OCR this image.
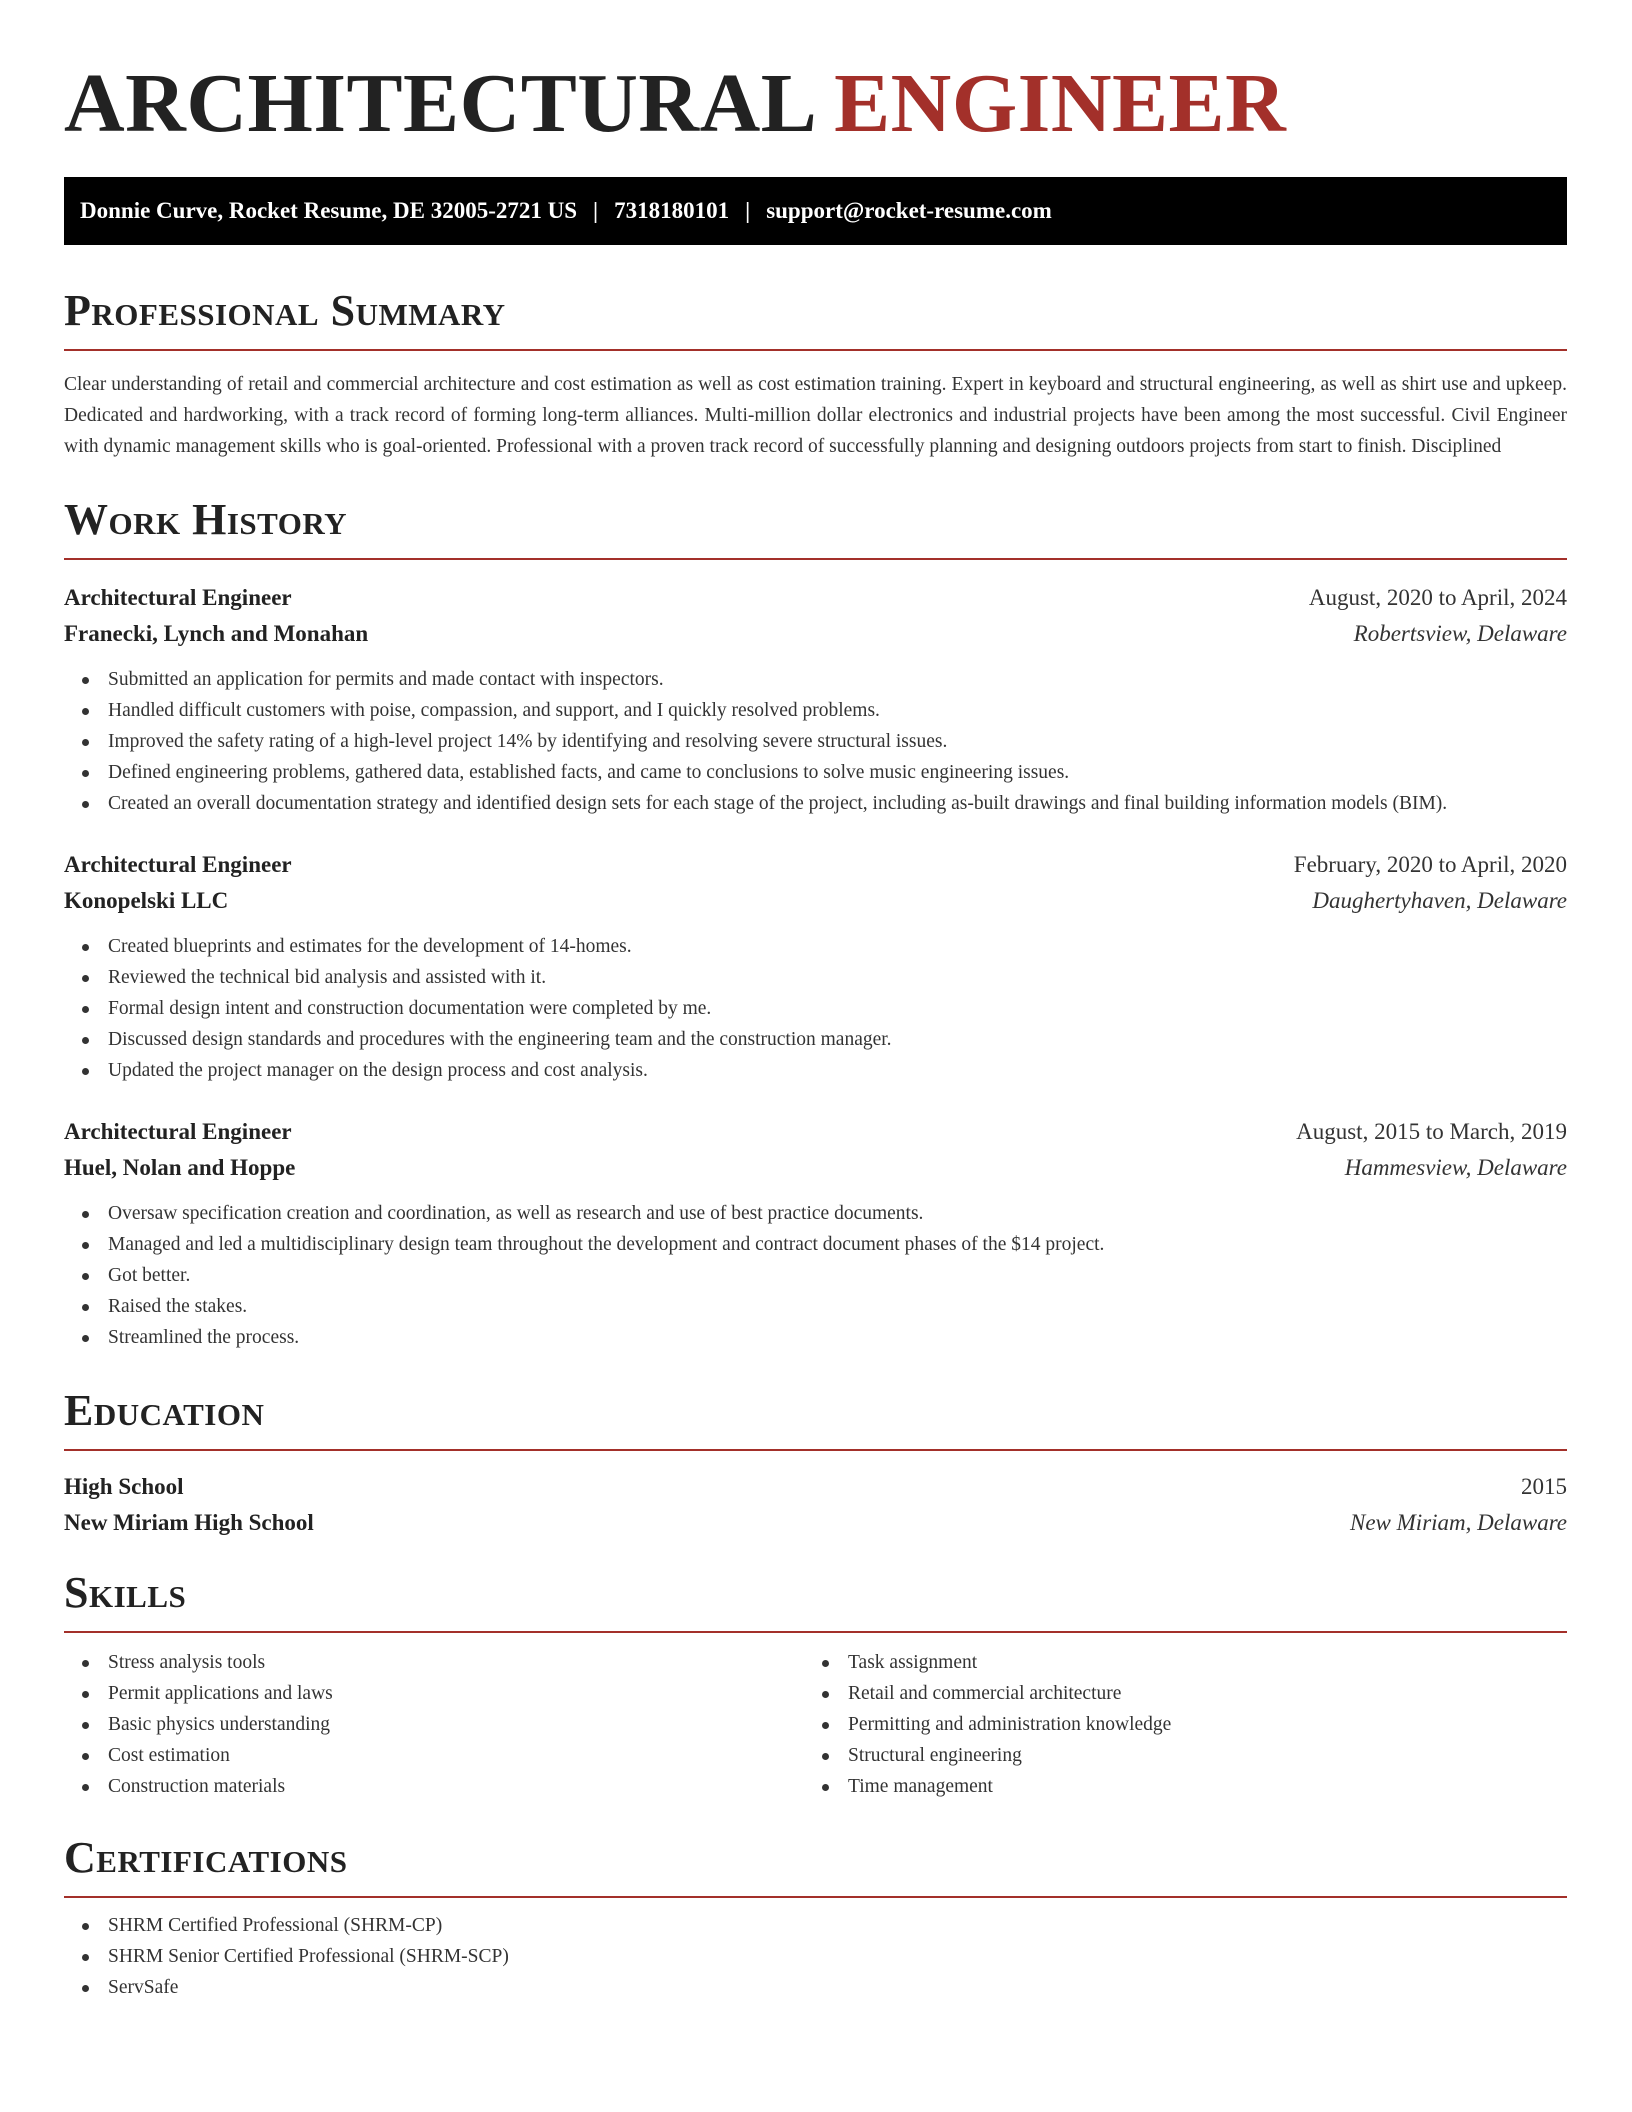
ARCHITECTURAL ENGINEER
Donnie Curve, Rocket Resume, DE 32005-2721 US | 7318180101 | support@rocket-resume.com
Professional Summary

Clear understanding of retail and commercial architecture and cost estimation as well as cost estimation training. Expert in keyboard and structural engineering, as well as shirt use and upkeep. Dedicated and hardworking, with a track record of forming long-term alliances. Multi-million dollar electronics and industrial projects have been among the most successful. Civil Engineer with dynamic management skills who is goal-oriented. Professional with a proven track record of successfully planning and designing outdoors projects from start to finish. Disciplined

Work History
Architectural Engineer	August, 2020 to April, 2024
Franecki, Lynch and Monahan	Robertsview, Delaware
Submitted an application for permits and made contact with inspectors.
Handled difficult customers with poise, compassion, and support, and I quickly resolved problems.
Improved the safety rating of a high-level project 14% by identifying and resolving severe structural issues.
Defined engineering problems, gathered data, established facts, and came to conclusions to solve music engineering issues.
Created an overall documentation strategy and identified design sets for each stage of the project, including as-built drawings and final building information models (BIM).
Architectural Engineer	February, 2020 to April, 2020
Konopelski LLC	Daughertyhaven, Delaware
Created blueprints and estimates for the development of 14-homes.
Reviewed the technical bid analysis and assisted with it.
Formal design intent and construction documentation were completed by me.
Discussed design standards and procedures with the engineering team and the construction manager.
Updated the project manager on the design process and cost analysis.
Architectural Engineer	August, 2015 to March, 2019
Huel, Nolan and Hoppe	Hammesview, Delaware
Oversaw specification creation and coordination, as well as research and use of best practice documents.
Managed and led a multidisciplinary design team throughout the development and contract document phases of the $14 project.
Got better.
Raised the stakes.
Streamlined the process.
Education
High School	2015
New Miriam High School	New Miriam, Delaware
Skills
Stress analysis tools
Permit applications and laws
Basic physics understanding
Cost estimation
Construction materials
Task assignment
Retail and commercial architecture
Permitting and administration knowledge
Structural engineering
Time management
Certifications
SHRM Certified Professional (SHRM-CP)
SHRM Senior Certified Professional (SHRM-SCP)
ServSafe
